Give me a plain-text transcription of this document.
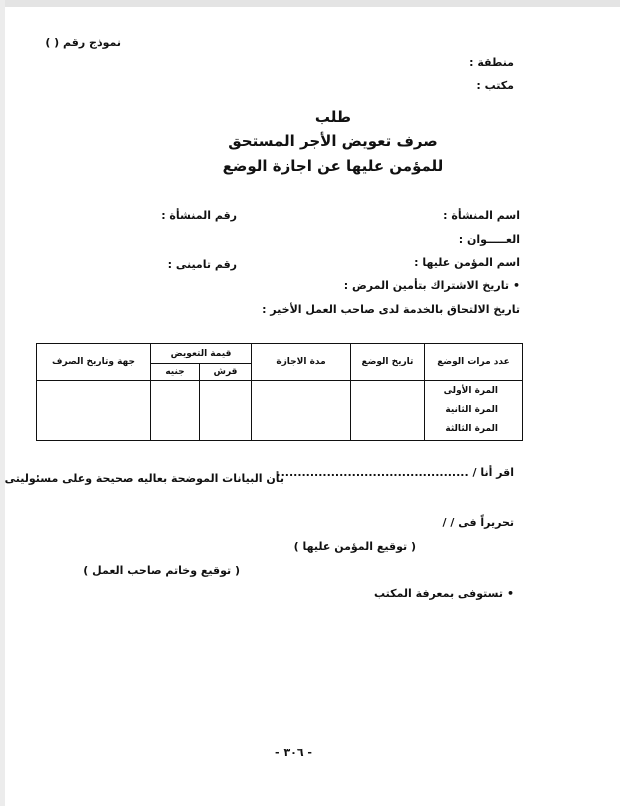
نموذج رقم ( )
منطقة :
مكتب :
طلب
صرف تعويض الأجر المستحق
للمؤمن عليها عن اجازة الوضع
اسم المنشأة :
رقم المنشأة :
العـــــوان :
اسم المؤمن عليها :
رقم تامينى :
•تاريخ الاشتراك بتأمين المرض :
تاريخ الالتحاق بالخدمة لدى صاحب العمل الأخير :
عدد مرات الوضع	تاريخ الوضع	مدة الاجازة	قيمة التعويض		جهة وتاريخ الصرف
			قرش	جنيه	

المرة الأولى
المرة الثانية
المرة الثالثة					

اقر أنا / ..............................................
بأن البيانات الموضحة بعاليه صحيحة وعلى مسئوليتى
تحريراً فى / /
( توقيع المؤمن عليها )
( توقيع وخاتم صاحب العمل )
•تستوفى بمعرفة المكتب
- ٣٠٦ -
